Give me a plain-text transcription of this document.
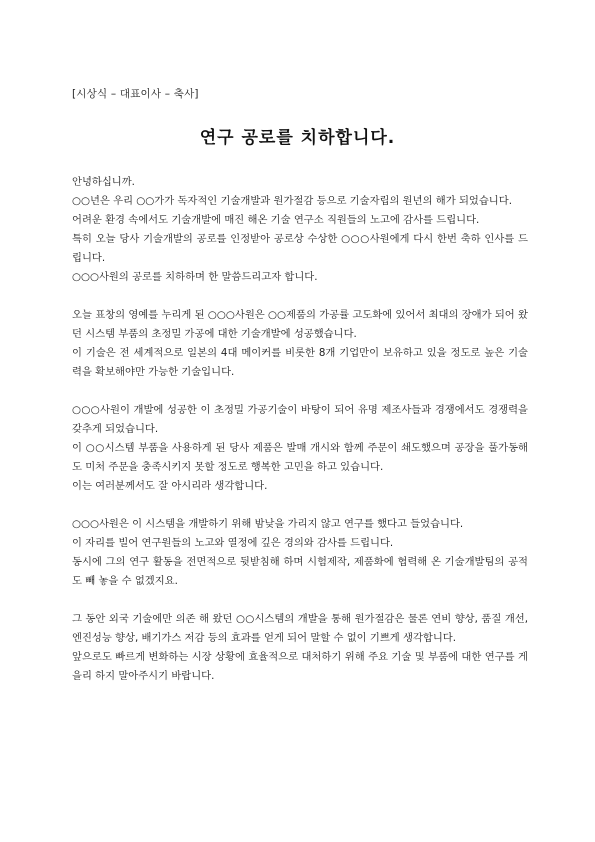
[시상식 – 대표이사 – 축사]
연구 공로를 치하합니다.

안녕하십니까.

○○년은 우리 ○○가가 독자적인 기술개발과 원가절감 등으로 기술자립의 원년의 해가 되었습니다.

어려운 환경 속에서도 기술개발에 매진 해온 기술 연구소 직원들의 노고에 감사를 드립니다.

특히 오늘 당사 기술개발의 공로를 인정받아 공로상 수상한 ○○○사원에게 다시 한번 축하 인사를 드립니다.

○○○사원의 공로를 치하하며 한 말씀드리고자 합니다.

오늘 표창의 영예를 누리게 된 ○○○사원은 ○○제품의 가공률 고도화에 있어서 최대의 장애가 되어 왔던 시스템 부품의 초정밀 가공에 대한 기술개발에 성공했습니다.

이 기술은 전 세계적으로 일본의 4대 메이커를 비롯한 8개 기업만이 보유하고 있을 정도로 높은 기술력을 확보해야만 가능한 기술입니다.

○○○사원이 개발에 성공한 이 초정밀 가공기술이 바탕이 되어 유명 제조사들과 경쟁에서도 경쟁력을 갖추게 되었습니다.

이 ○○시스템 부품을 사용하게 된 당사 제품은 발매 개시와 함께 주문이 쇄도했으며 공장을 풀가동해도 미처 주문을 충족시키지 못할 정도로 행복한 고민을 하고 있습니다.

이는 여러분께서도 잘 아시리라 생각합니다.

○○○사원은 이 시스템을 개발하기 위해 밤낮을 가리지 않고 연구를 했다고 들었습니다.

이 자리를 빌어 연구원들의 노고와 열정에 깊은 경의와 감사를 드립니다.

동시에 그의 연구 활동을 전면적으로 뒷받침해 하며 시험제작, 제품화에 협력해 온 기술개발팀의 공적도 빼 놓을 수 없겠지요.

그 동안 외국 기술에만 의존 해 왔던 ○○시스템의 개발을 통해 원가절감은 물론 연비 향상, 품질 개선, 엔진성능 향상, 배기가스 저감 등의 효과를 얻게 되어 말할 수 없이 기쁘게 생각합니다.

앞으로도 빠르게 변화하는 시장 상황에 효율적으로 대처하기 위해 주요 기술 및 부품에 대한 연구를 게을리 하지 말아주시기 바랍니다.
